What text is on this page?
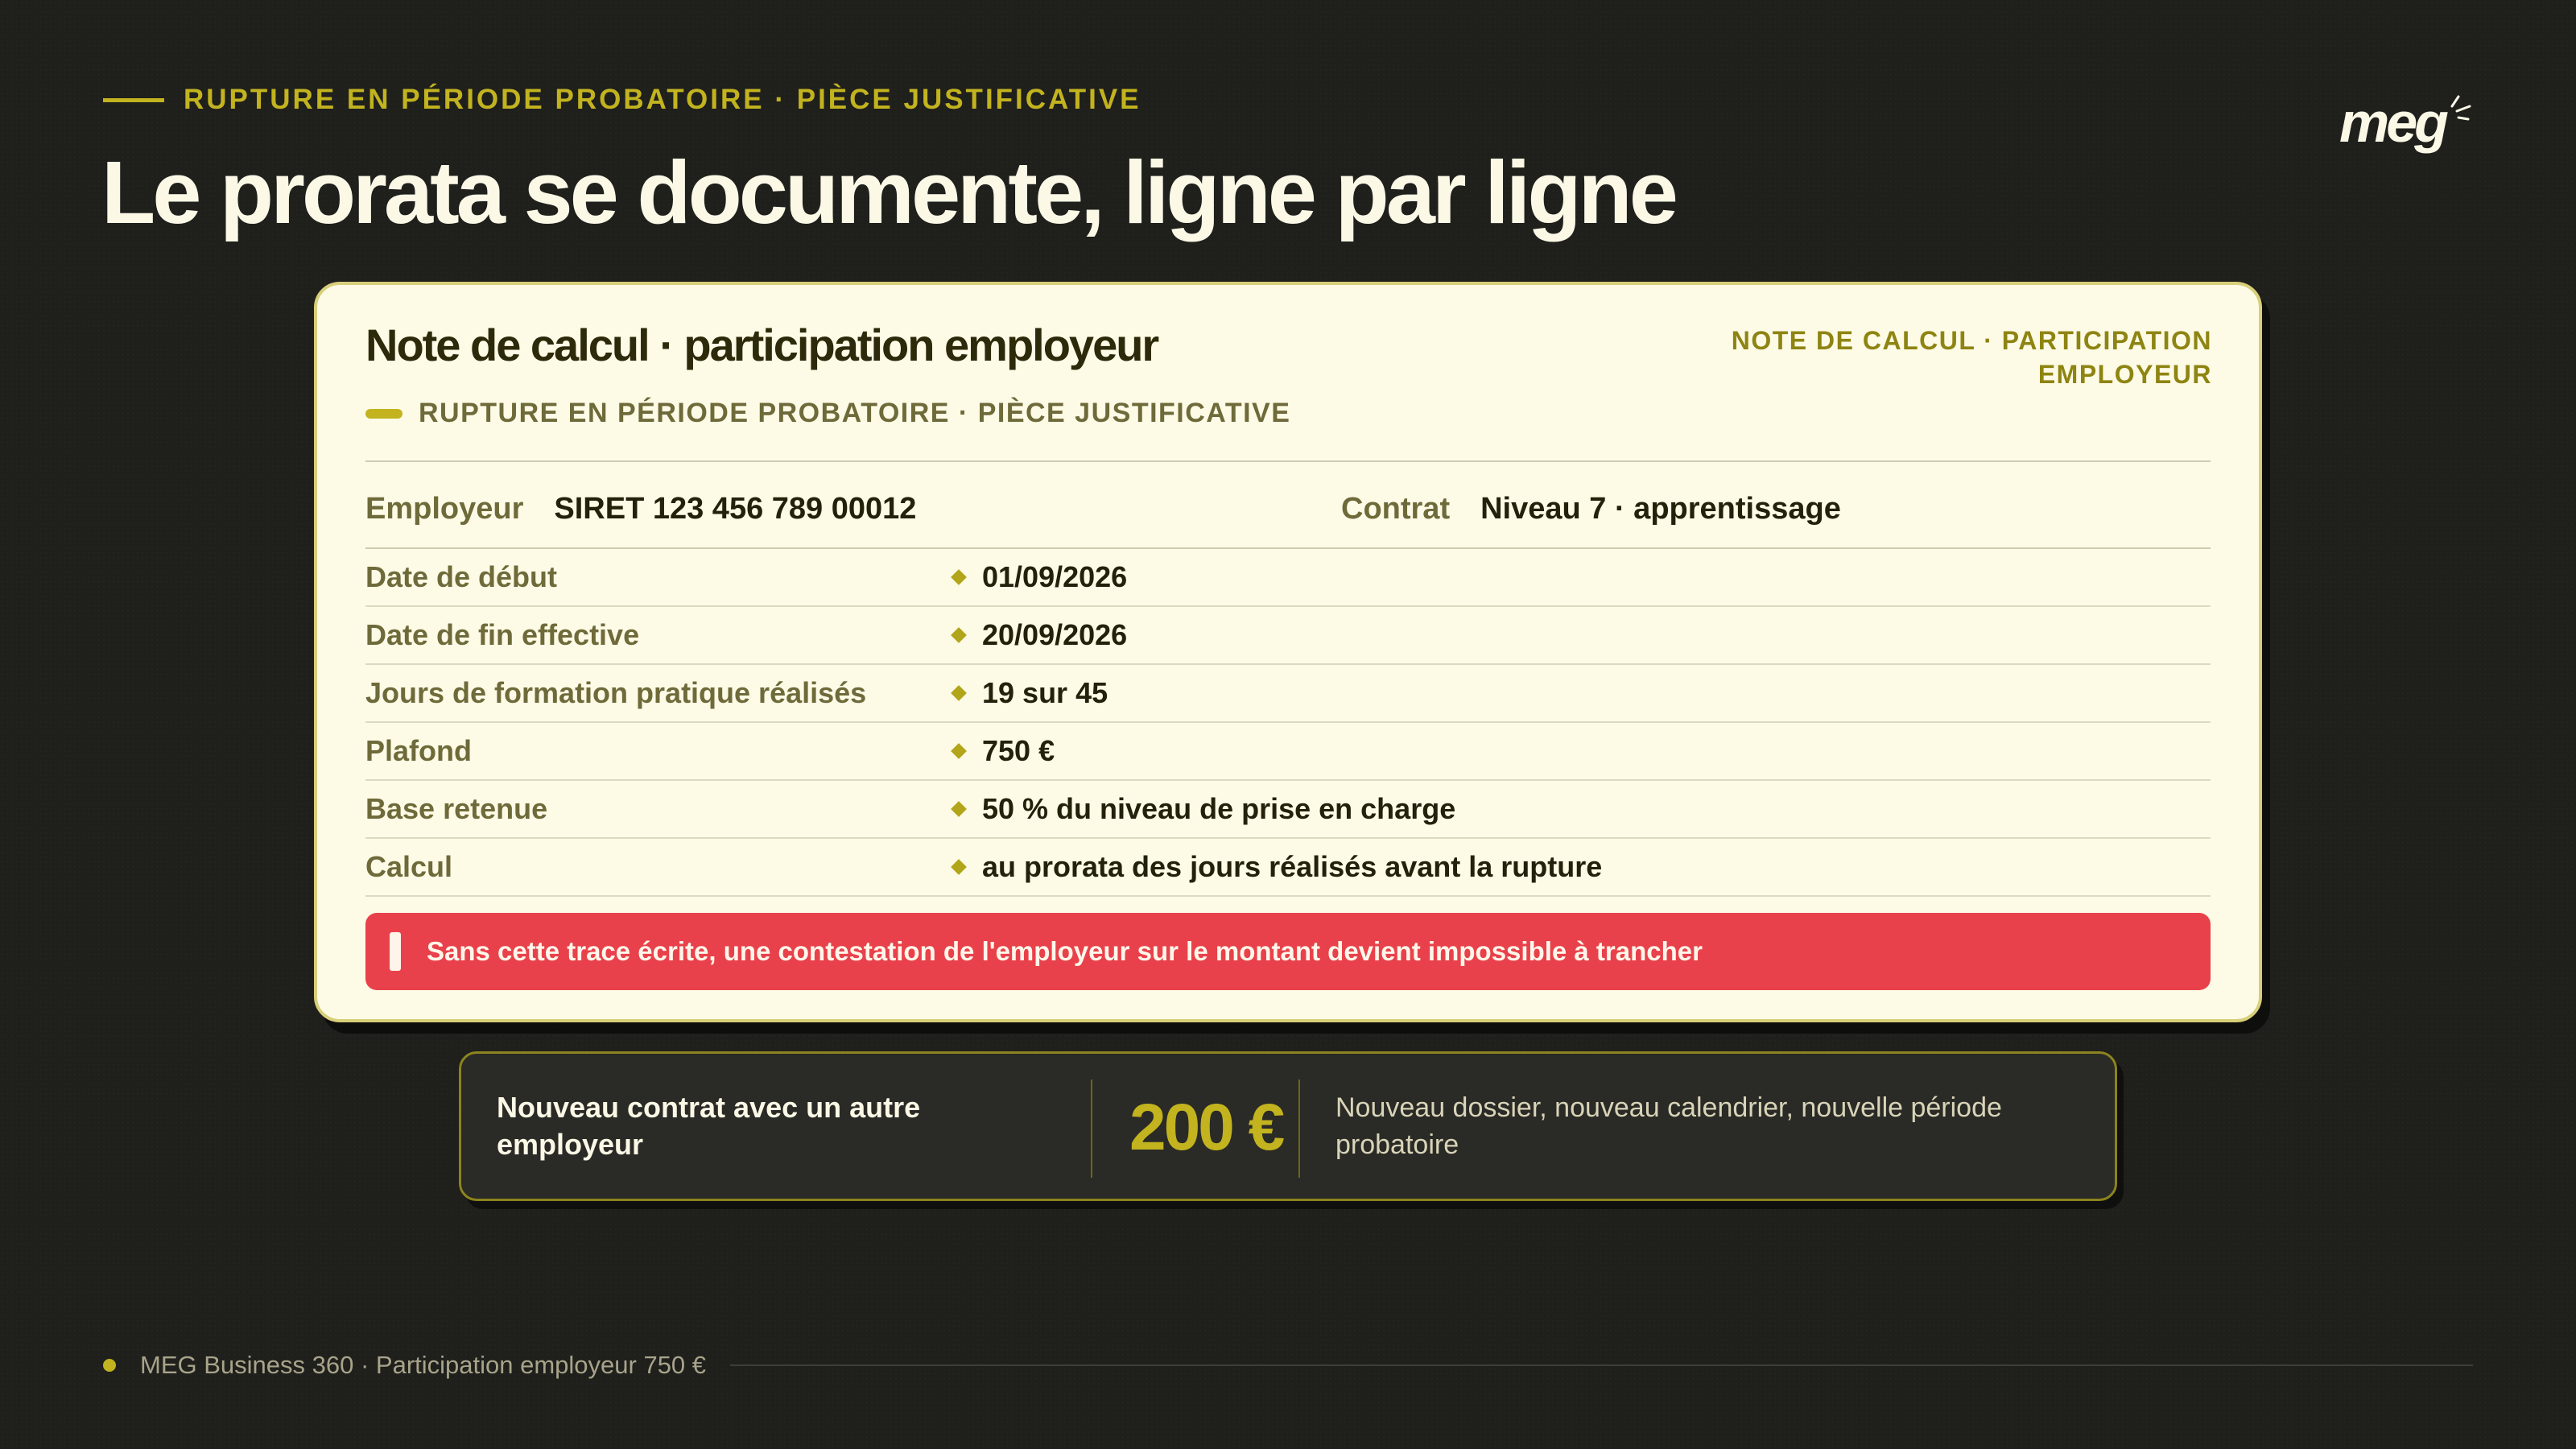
RUPTURE EN PÉRIODE PROBATOIRE · PIÈCE JUSTIFICATIVE
Le prorata se documente, ligne par ligne
meg
Note de calcul · participation employeur	NOTE DE CALCUL · PARTICIPATION EMPLOYEUR
RUPTURE EN PÉRIODE PROBATOIRE · PIÈCE JUSTIFICATIVE
Employeur SIRET 123 456 789 00012	Contrat Niveau 7 · apprentissage
Date de début	01/09/2026
Date de fin effective	20/09/2026
Jours de formation pratique réalisés	19 sur 45
Plafond	750 €
Base retenue	50 % du niveau de prise en charge
Calcul	au prorata des jours réalisés avant la rupture
Sans cette trace écrite, une contestation de l'employeur sur le montant devient impossible à trancher
Nouveau contrat avec un autre employeur	200 € Nouveau dossier, nouveau calendrier, nouvelle période probatoire
MEG Business 360 · Participation employeur 750 €
